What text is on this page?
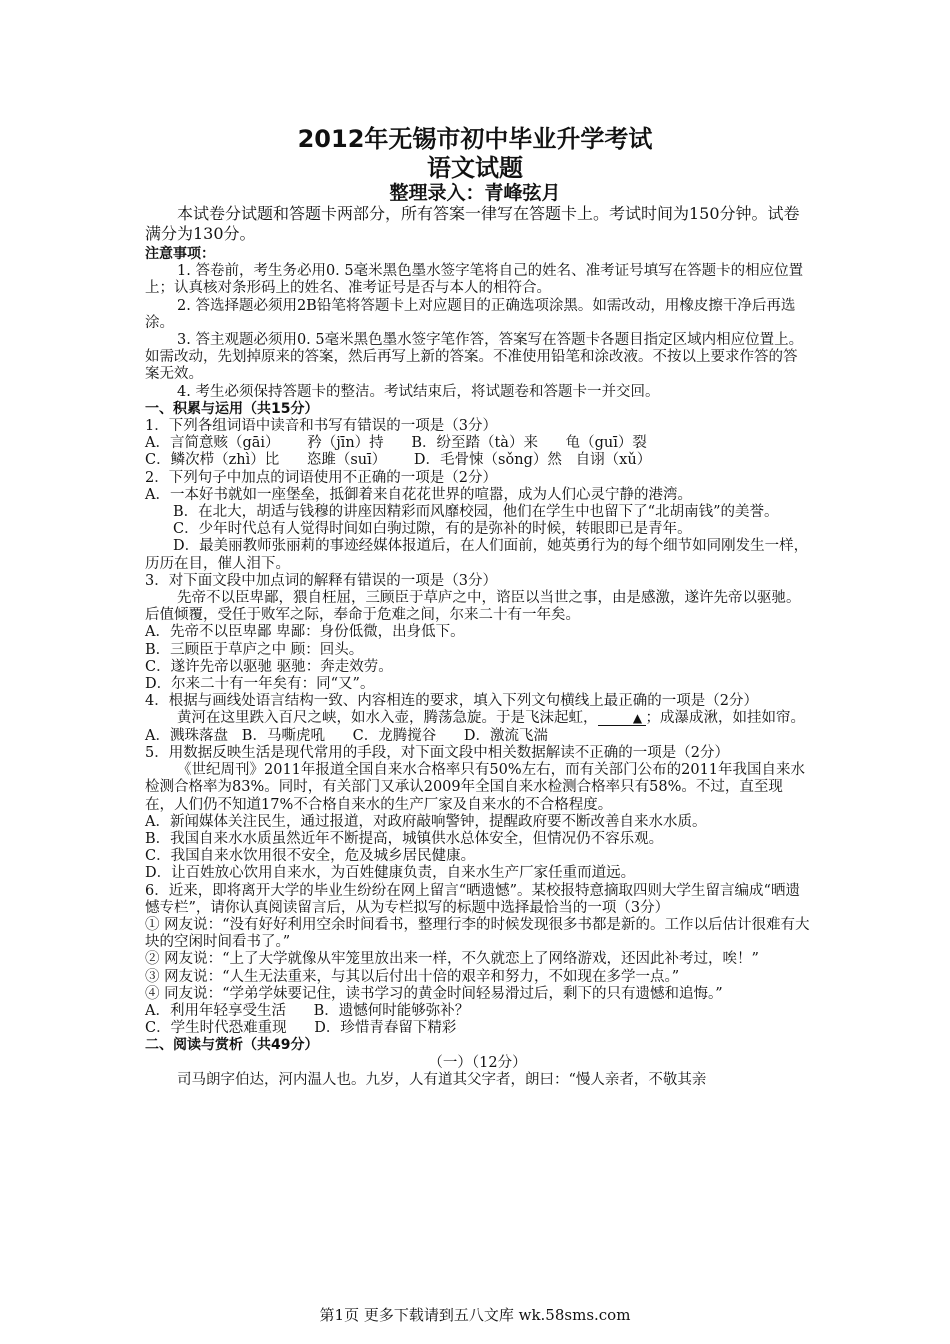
2012年无锡市初中毕业升学考试
语文试题
整理录入：青峰弦月

本试卷分试题和答题卡两部分，所有答案一律写在答题卡上。考试时间为150分钟。试卷满分为130分。

注意事项：

1. 答卷前，考生务必用0. 5毫米黑色墨水签字笔将自己的姓名、准考证号填写在答题卡的相应位置上；认真核对条形码上的姓名、准考证号是否与本人的相符合。

2. 答选择题必须用2B铅笔将答题卡上对应题目的正确选项涂黑。如需改动，用橡皮擦干净后再选涂。

3. 答主观题必须用0. 5毫米黑色墨水签字笔作答，答案写在答题卡各题目指定区域内相应位置上。如需改动，先划掉原来的答案，然后再写上新的答案。不准使用铅笔和涂改液。不按以上要求作答的答案无效。

4. 考生必须保持答题卡的整洁。考试结束后，将试题卷和答题卡一并交回。

一、积累与运用（共15分）

1．下列各组词语中读音和书写有错误的一项是（3分）

A．言简意赅（gāi）      矜（jīn）持      B．纷至踏（tà）来      龟（guī）裂

C．鳞次栉（zhì）比      恣雎（suī）      D．毛骨悚（sǒng）然   自诩（xǔ）

2．下列句子中加点的词语使用不正确的一项是（2分）

A．一本好书就如一座堡垒，抵御着来自花花世界的喧嚣，成为人们心灵宁静的港湾。

B．在北大，胡适与钱穆的讲座因精彩而风靡校园，他们在学生中也留下了“北胡南钱”的美誉。

C．少年时代总有人觉得时间如白驹过隙，有的是弥补的时候，转眼即已是青年。

D．最美丽教师张丽莉的事迹经媒体报道后，在人们面前，她英勇行为的每个细节如同刚发生一样，历历在目，催人泪下。

3．对下面文段中加点词的解释有错误的一项是（3分）

先帝不以臣卑鄙，猥自枉屈，三顾臣于草庐之中，谘臣以当世之事，由是感激，遂许先帝以驱驰。后值倾覆，受任于败军之际，奉命于危难之间，尔来二十有一年矣。

A．先帝不以臣卑鄙 卑鄙：身份低微，出身低下。

B．三顾臣于草庐之中 顾：回头。

C．遂许先帝以驱驰 驱驰：奔走效劳。

D．尔来二十有一年矣有：同“又”。

4．根据与画线处语言结构一致、内容相连的要求，填入下列文句横线上最正确的一项是（2分）

黄河在这里跌入百尺之峡，如水入壶，腾荡急旋。于是飞沫起虹，	▲ ；成瀑成湫，如挂如帘。

A．溅珠落盘   B．马嘶虎吼      C．龙腾搅谷      D．激流飞湍

5．用数据反映生活是现代常用的手段，对下面文段中相关数据解读不正确的一项是（2分）

《世纪周刊》2011年报道全国自来水合格率只有50%左右，而有关部门公布的2011年我国自来水检测合格率为83%。同时，有关部门又承认2009年全国自来水检测合格率只有58%。不过，直至现在，人们仍不知道17%不合格自来水的生产厂家及自来水的不合格程度。

A．新闻媒体关注民生，通过报道，对政府敲响警钟，提醒政府要不断改善自来水水质。

B．我国自来水水质虽然近年不断提高，城镇供水总体安全，但情况仍不容乐观。

C．我国自来水饮用很不安全，危及城乡居民健康。

D．让百姓放心饮用自来水，为百姓健康负责，自来水生产厂家任重而道远。

6．近来，即将离开大学的毕业生纷纷在网上留言“晒遗憾”。某校报特意摘取四则大学生留言编成“晒遗憾专栏”，请你认真阅读留言后，从为专栏拟写的标题中选择最恰当的一项（3分）

① 网友说：“没有好好利用空余时间看书，整理行李的时候发现很多书都是新的。工作以后估计很难有大块的空闲时间看书了。”

② 网友说：“上了大学就像从牢笼里放出来一样，不久就恋上了网络游戏，还因此补考过，唉！”

③ 网友说：“人生无法重来，与其以后付出十倍的艰辛和努力，不如现在多学一点。”

④ 同友说：“学弟学妹要记住，读书学习的黄金时间轻易滑过后，剩下的只有遗憾和追悔。”

A．利用年轻享受生活      B．遗憾何时能够弥补？

C．学生时代恐难重现      D．珍惜青春留下精彩

二、阅读与赏析（共49分）

（一）（12分）

司马朗字伯达，河内温人也。九岁，人有道其父字者，朗曰：“慢人亲者，不敬其亲

第1页 更多下载请到五八文库 wk.58sms.com
